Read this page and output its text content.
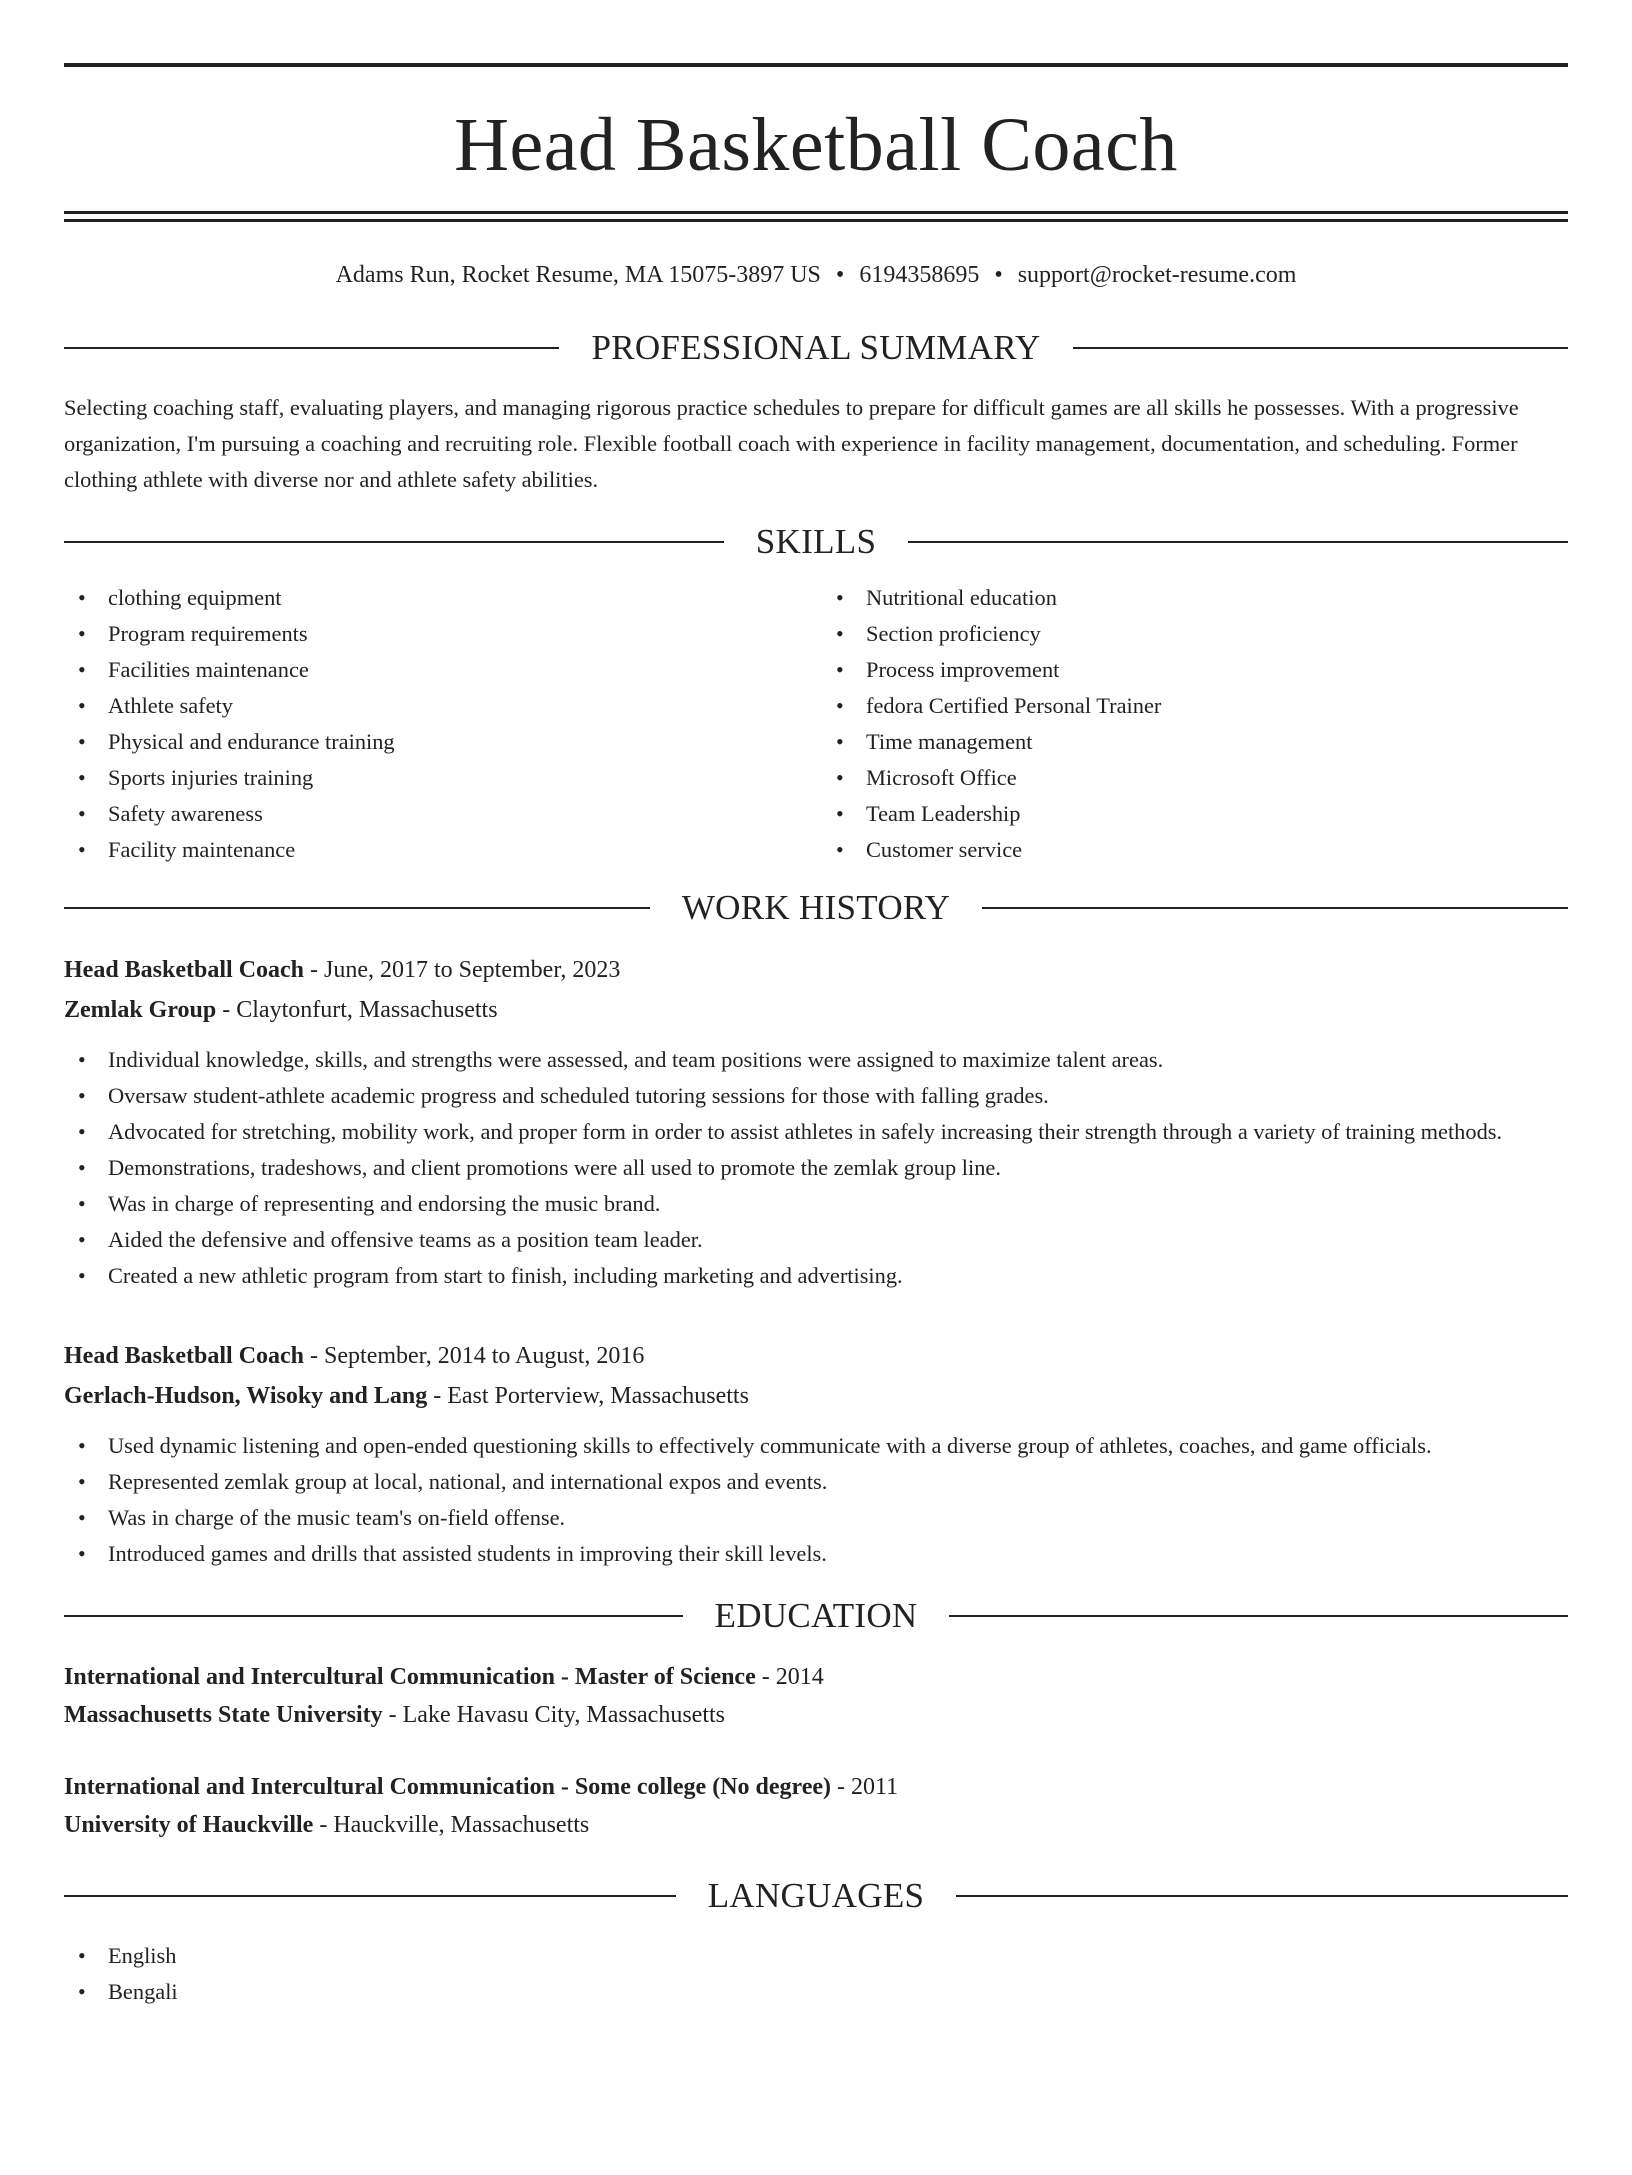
Head Basketball Coach
Adams Run, Rocket Resume, MA 15075-3897 US • 6194358695 • support@rocket-resume.com
PROFESSIONAL SUMMARY
Selecting coaching staff, evaluating players, and managing rigorous practice schedules to prepare for difficult games are all skills he possesses. With a progressive organization, I'm pursuing a coaching and recruiting role. Flexible football coach with experience in facility management, documentation, and scheduling. Former clothing athlete with diverse nor and athlete safety abilities.
SKILLS
• clothing equipment
• Program requirements
• Facilities maintenance
• Athlete safety
• Physical and endurance training
• Sports injuries training
• Safety awareness
• Facility maintenance
• Nutritional education
• Section proficiency
• Process improvement
• fedora Certified Personal Trainer
• Time management
• Microsoft Office
• Team Leadership
• Customer service
WORK HISTORY
Head Basketball Coach - June, 2017 to September, 2023
Zemlak Group - Claytonfurt, Massachusetts
• Individual knowledge, skills, and strengths were assessed, and team positions were assigned to maximize talent areas.
• Oversaw student-athlete academic progress and scheduled tutoring sessions for those with falling grades.
• Advocated for stretching, mobility work, and proper form in order to assist athletes in safely increasing their strength through a variety of training methods.
• Demonstrations, tradeshows, and client promotions were all used to promote the zemlak group line.
• Was in charge of representing and endorsing the music brand.
• Aided the defensive and offensive teams as a position team leader.
• Created a new athletic program from start to finish, including marketing and advertising.
Head Basketball Coach - September, 2014 to August, 2016
Gerlach-Hudson, Wisoky and Lang - East Porterview, Massachusetts
• Used dynamic listening and open-ended questioning skills to effectively communicate with a diverse group of athletes, coaches, and game officials.
• Represented zemlak group at local, national, and international expos and events.
• Was in charge of the music team's on-field offense.
• Introduced games and drills that assisted students in improving their skill levels.
EDUCATION
International and Intercultural Communication - Master of Science - 2014
Massachusetts State University - Lake Havasu City, Massachusetts
International and Intercultural Communication - Some college (No degree) - 2011
University of Hauckville - Hauckville, Massachusetts
LANGUAGES
• English
• Bengali
